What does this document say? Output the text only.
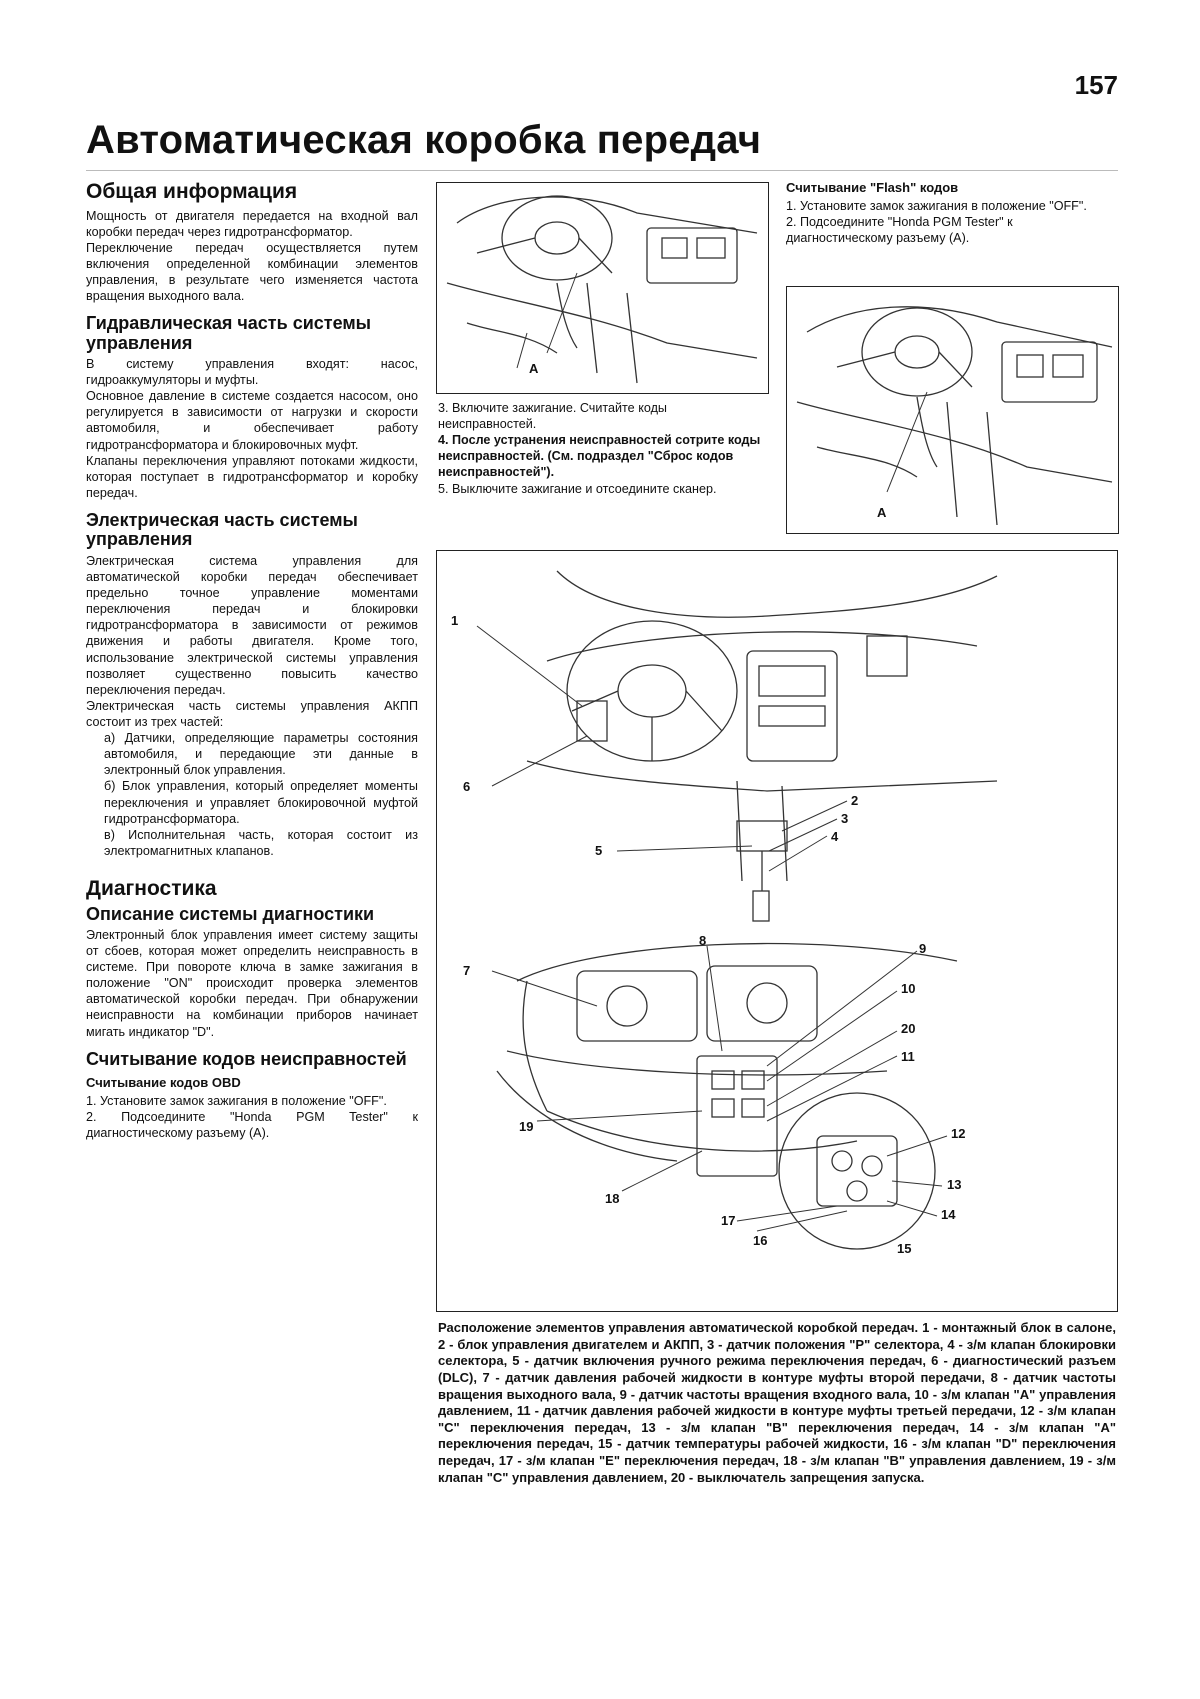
157
Автоматическая коробка передач
Общая информация

Мощность от двигателя передается на входной вал коробки передач через гидротрансформатор.

Переключение передач осуществляется путем включения определенной комбинации элементов управления, в результате чего изменяется частота вращения выходного вала.

Гидравлическая часть системы управления

В систему управления входят: насос, гидроаккумуляторы и муфты.

Основное давление в системе создается насосом, оно регулируется в зависимости от нагрузки и скорости автомобиля, и обеспечивает работу гидротрансформатора и блокировочных муфт.

Клапаны переключения управляют потоками жидкости, которая поступает в гидротрансформатор и коробку передач.

Электрическая часть системы управления

Электрическая система управления для автоматической коробки передач обеспечивает предельно точное управление моментами переключения передач и блокировки гидротрансформатора в зависимости от режимов движения и работы двигателя. Кроме того, использование электрической системы управления позволяет существенно повысить качество переключения передач.

Электрическая часть системы управления АКПП состоит из трех частей:

а) Датчики, определяющие параметры состояния автомобиля, и передающие эти данные в электронный блок управления.

б) Блок управления, который определяет моменты переключения и управляет блокировочной муфтой гидротрансформатора.

в) Исполнительная часть, которая состоит из электромагнитных клапанов.

Диагностика
Описание системы диагностики

Электронный блок управления имеет систему защиты от сбоев, которая может определить неисправность в системе. При повороте ключа в замке зажигания в положение "ON" происходит проверка элементов автоматической коробки передач. При обнаружении неисправности на комбинации приборов начинает мигать индикатор "D".

Считывание кодов неисправностей
Считывание кодов OBD

1. Установите замок зажигания в положение "OFF".

2. Подсоедините "Honda PGM Tester" к диагностическому разъему (А).

A

3. Включите зажигание. Считайте коды неисправностей.

4. После устранения неисправностей сотрите коды неисправностей. (См. подраздел "Сброс кодов неисправностей").

5. Выключите зажигание и отсоедините сканер.

Считывание "Flash" кодов

1. Установите замок зажигания в положение "OFF".

2. Подсоедините "Honda PGM Tester" к диагностическому разъему (А).

A
1
2
3
4
5
6
7
8
9
10
20
11
12
13
14
15
16
17
18
19
Расположение элементов управления автоматической коробкой передач. 1 - монтажный блок в салоне, 2 - блок управления двигателем и АКПП, 3 - датчик положения "P" селектора, 4 - з/м клапан блокировки селектора, 5 - датчик включения ручного режима переключения передач, 6 - диагностический разъем (DLC), 7 - датчик давления рабочей жидкости в контуре муфты второй передачи, 8 - датчик частоты вращения выходного вала, 9 - датчик частоты вращения входного вала, 10 - з/м клапан "А" управления давлением, 11 - датчик давления рабочей жидкости в контуре муфты третьей передачи, 12 - з/м клапан "С" переключения передач, 13 - з/м клапан "В" переключения передач, 14 - з/м клапан "А" переключения передач, 15 - датчик температуры рабочей жидкости, 16 - з/м клапан "D" переключения передач, 17 - з/м клапан "Е" переключения передач, 18 - з/м клапан "В" управления давлением, 19 - з/м клапан "С" управления давлением, 20 - выключатель запрещения запуска.
